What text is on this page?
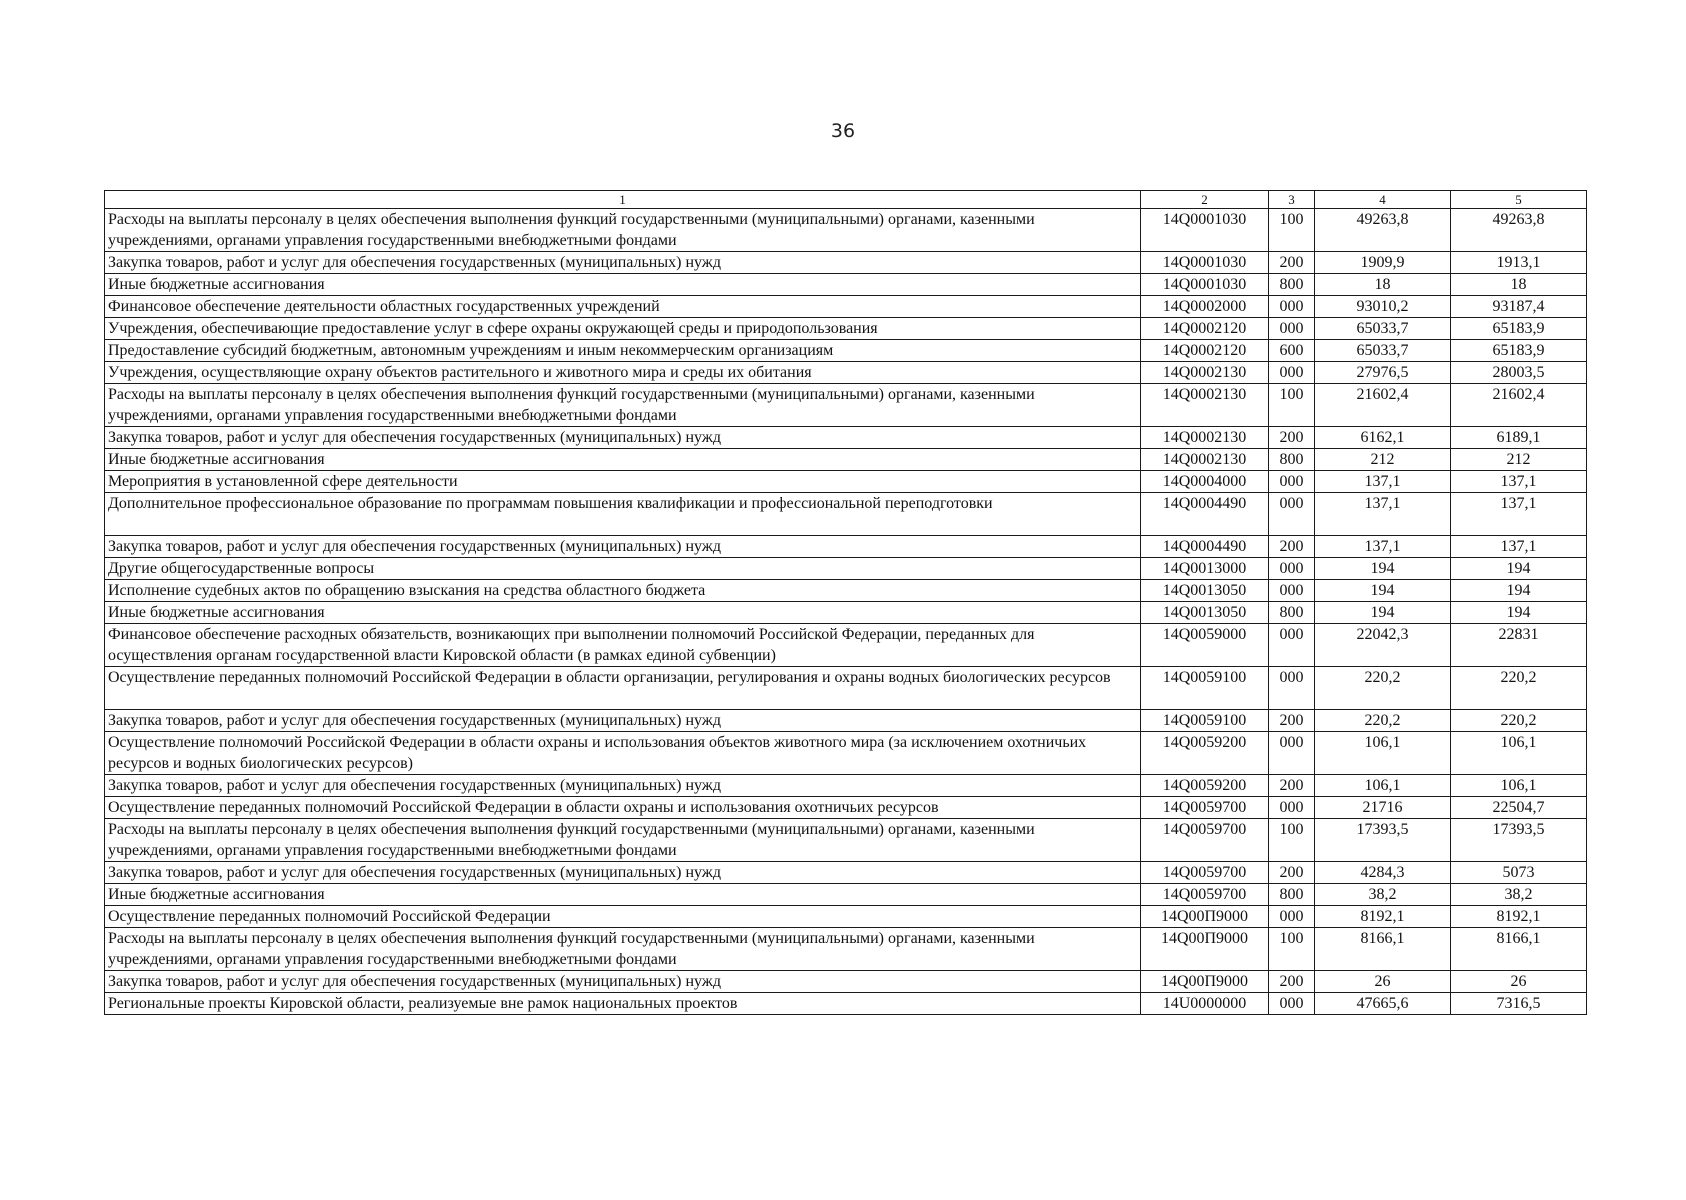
36
1	2	3	4	5
Расходы на выплаты персоналу в целях обеспечения выполнения функций государственными (муниципальными) органами, казенными учреждениями, органами управления государственными внебюджетными фондами	14Q0001030	100	49263,8	49263,8
Закупка товаров, работ и услуг для обеспечения государственных (муниципальных) нужд	14Q0001030	200	1909,9	1913,1
Иные бюджетные ассигнования	14Q0001030	800	18	18
Финансовое обеспечение деятельности областных государственных учреждений	14Q0002000	000	93010,2	93187,4
Учреждения, обеспечивающие предоставление услуг в сфере охраны окружающей среды и природопользования	14Q0002120	000	65033,7	65183,9
Предоставление субсидий бюджетным, автономным учреждениям и иным некоммерческим организациям	14Q0002120	600	65033,7	65183,9
Учреждения, осуществляющие охрану объектов растительного и животного мира и среды их обитания	14Q0002130	000	27976,5	28003,5
Расходы на выплаты персоналу в целях обеспечения выполнения функций государственными (муниципальными) органами, казенными учреждениями, органами управления государственными внебюджетными фондами	14Q0002130	100	21602,4	21602,4
Закупка товаров, работ и услуг для обеспечения государственных (муниципальных) нужд	14Q0002130	200	6162,1	6189,1
Иные бюджетные ассигнования	14Q0002130	800	212	212
Мероприятия в установленной сфере деятельности	14Q0004000	000	137,1	137,1
Дополнительное профессиональное образование по программам повышения квалификации и профессиональной переподготовки	14Q0004490	000	137,1	137,1
Закупка товаров, работ и услуг для обеспечения государственных (муниципальных) нужд	14Q0004490	200	137,1	137,1
Другие общегосударственные вопросы	14Q0013000	000	194	194
Исполнение судебных актов по обращению взыскания на средства областного бюджета	14Q0013050	000	194	194
Иные бюджетные ассигнования	14Q0013050	800	194	194
Финансовое обеспечение расходных обязательств, возникающих при выполнении полномочий Российской Федерации, переданных для осуществления органам государственной власти Кировской области (в рамках единой субвенции)	14Q0059000	000	22042,3	22831
Осуществление переданных полномочий Российской Федерации в области организации, регулирования и охраны водных биологических ресурсов	14Q0059100	000	220,2	220,2
Закупка товаров, работ и услуг для обеспечения государственных (муниципальных) нужд	14Q0059100	200	220,2	220,2
Осуществление полномочий Российской Федерации в области охраны и использования объектов животного мира (за исключением охотничьих ресурсов и водных биологических ресурсов)	14Q0059200	000	106,1	106,1
Закупка товаров, работ и услуг для обеспечения государственных (муниципальных) нужд	14Q0059200	200	106,1	106,1
Осуществление переданных полномочий Российской Федерации в области охраны и использования охотничьих ресурсов	14Q0059700	000	21716	22504,7
Расходы на выплаты персоналу в целях обеспечения выполнения функций государственными (муниципальными) органами, казенными учреждениями, органами управления государственными внебюджетными фондами	14Q0059700	100	17393,5	17393,5
Закупка товаров, работ и услуг для обеспечения государственных (муниципальных) нужд	14Q0059700	200	4284,3	5073
Иные бюджетные ассигнования	14Q0059700	800	38,2	38,2
Осуществление переданных полномочий Российской Федерации	14Q00П9000	000	8192,1	8192,1
Расходы на выплаты персоналу в целях обеспечения выполнения функций государственными (муниципальными) органами, казенными учреждениями, органами управления государственными внебюджетными фондами	14Q00П9000	100	8166,1	8166,1
Закупка товаров, работ и услуг для обеспечения государственных (муниципальных) нужд	14Q00П9000	200	26	26
Региональные проекты Кировской области, реализуемые вне рамок национальных проектов	14U0000000	000	47665,6	7316,5
